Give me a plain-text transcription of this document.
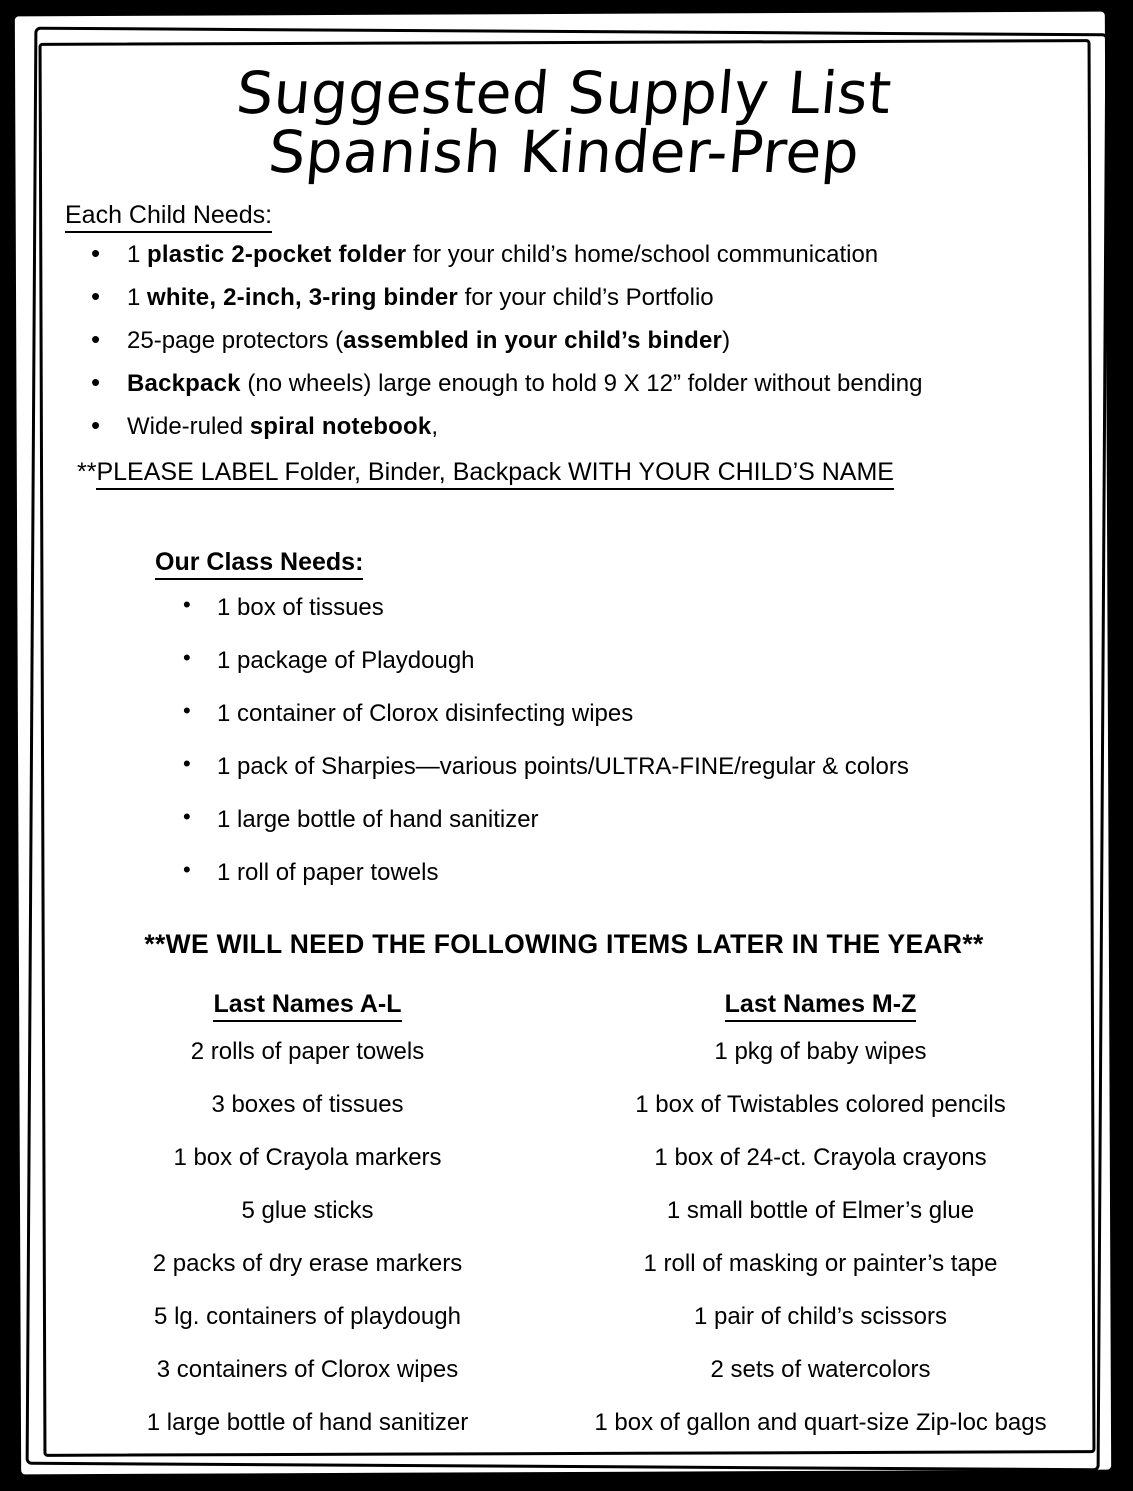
Suggested Supply List
Spanish Kinder-Prep
Each Child Needs:
• 1 plastic 2-pocket folder for your child’s home/school communication
• 1 white, 2-inch, 3-ring binder for your child’s Portfolio
• 25-page protectors (assembled in your child’s binder)
• Backpack (no wheels) large enough to hold 9 X 12” folder without bending
• Wide-ruled spiral notebook,
**PLEASE LABEL Folder, Binder, Backpack WITH YOUR CHILD’S NAME
Our Class Needs:
• 1 box of tissues
• 1 package of Playdough
• 1 container of Clorox disinfecting wipes
• 1 pack of Sharpies—various points/ULTRA-FINE/regular & colors
• 1 large bottle of hand sanitizer
• 1 roll of paper towels
**WE WILL NEED THE FOLLOWING ITEMS LATER IN THE YEAR**
Last Names A-L
2 rolls of paper towels
3 boxes of tissues
1 box of Crayola markers
5 glue sticks
2 packs of dry erase markers
5 lg. containers of playdough
3 containers of Clorox wipes
1 large bottle of hand sanitizer
Last Names M-Z
1 pkg of baby wipes
1 box of Twistables colored pencils
1 box of 24-ct. Crayola crayons
1 small bottle of Elmer’s glue
1 roll of masking or painter’s tape
1 pair of child’s scissors
2 sets of watercolors
1 box of gallon and quart-size Zip-loc bags
